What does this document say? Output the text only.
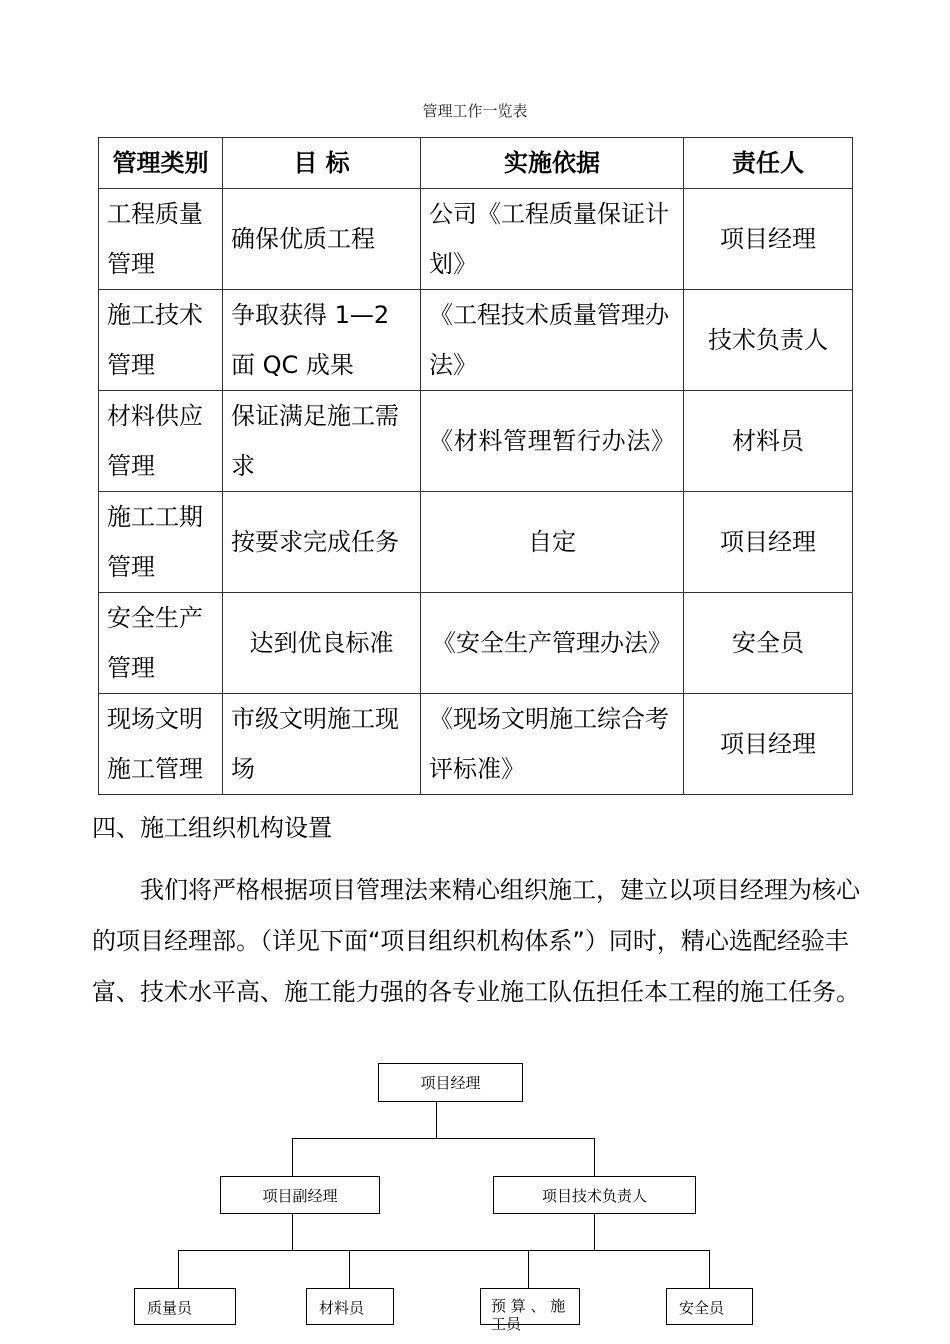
管理工作一览表
管理类别	目 标	实施依据	责任人
工程质量管理	确保优质工程	公司《工程质量保证计划》	项目经理
施工技术管理	争取获得 1—2 面 QC 成果	《工程技术质量管理办法》	技术负责人
材料供应管理	保证满足施工需求	《材料管理暂行办法》	材料员
施工工期管理	按要求完成任务	自定	项目经理
安全生产管理	达到优良标准	《安全生产管理办法》	安全员
现场文明施工管理	市级文明施工现场	《现场文明施工综合考评标准》	项目经理
四、施工组织机构设置

我们将严格根据项目管理法来精心组织施工，建立以项目经理为核心的项目经理部。（详见下面“项目组织机构体系”）同时，精心选配经验丰富、技术水平高、施工能力强的各专业施工队伍担任本工程的施工任务。

项目经理
项目副经理	项目技术负责人
质量员	材料员	预 算 、 施 工员
安全员
